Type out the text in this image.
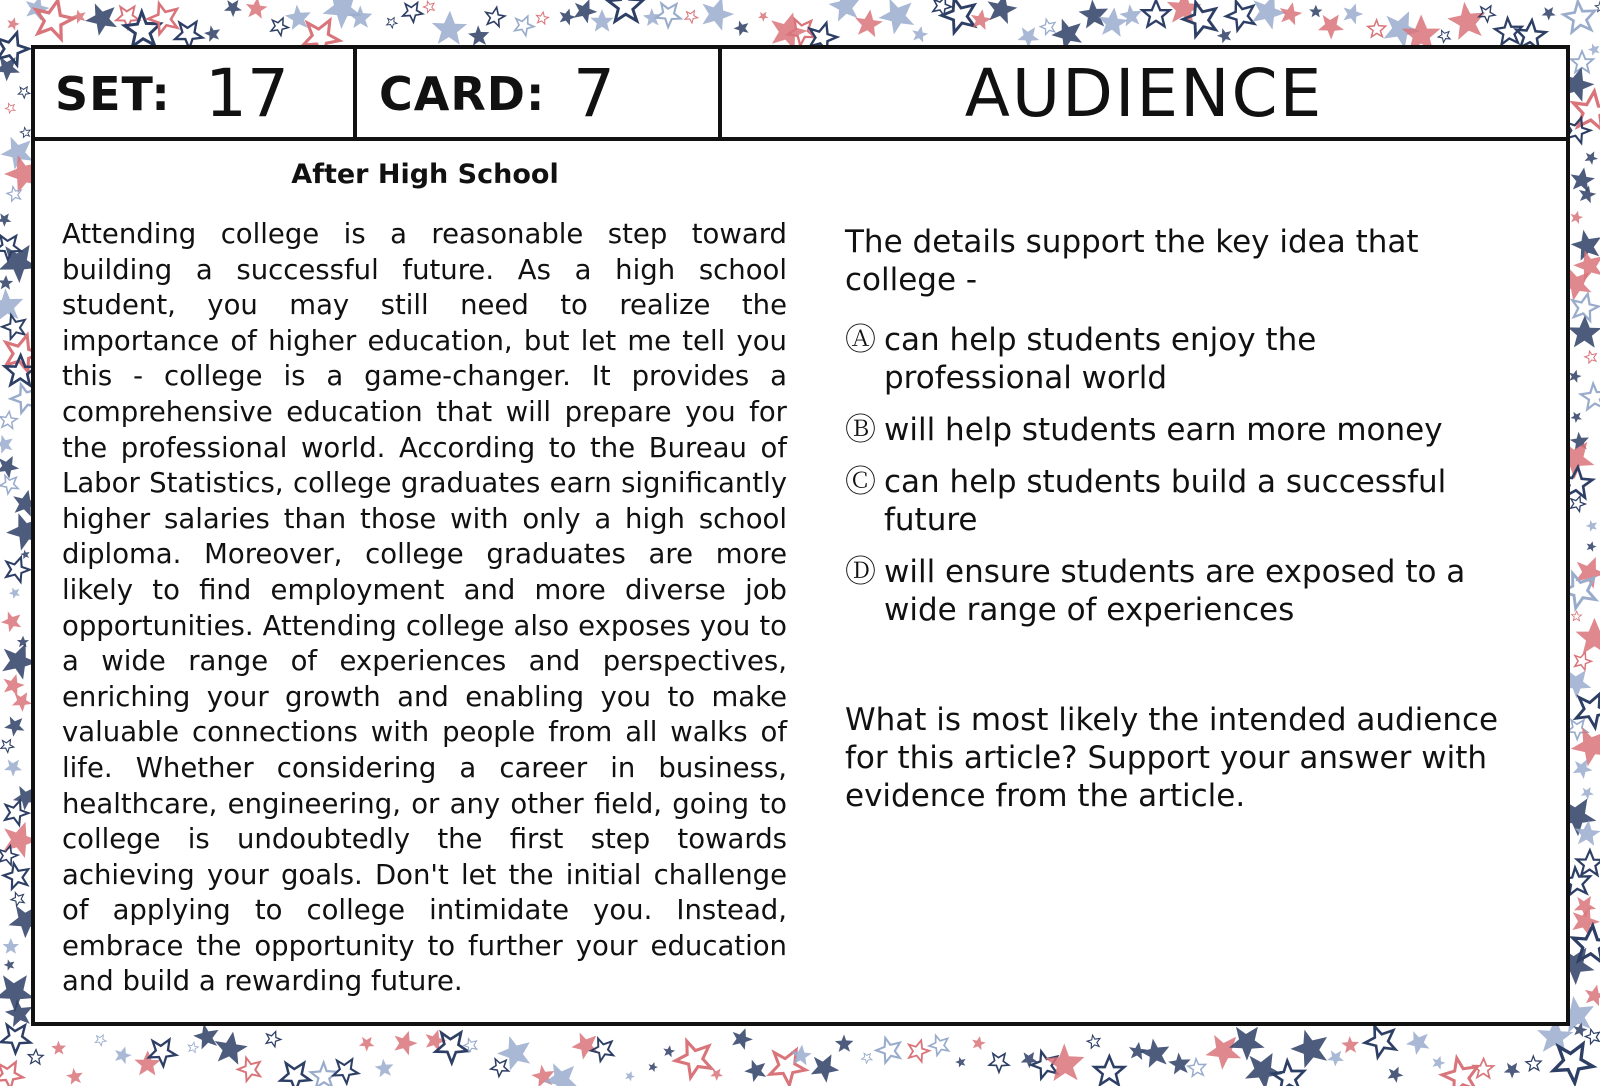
SET: 17 CARD: 7	AUDIENCE
After High School

Attending college is a reasonable step toward building a successful future. As a high school student, you may still need to realize the importance of higher education, but let me tell you this - college is a game-changer. It provides a comprehensive education that will prepare you for the professional world. According to the Bureau of Labor Statistics, college graduates earn significantly higher salaries than those with only a high school diploma. Moreover, college graduates are more likely to find employment and more diverse job opportunities. Attending college also exposes you to a wide range of experiences and perspectives, enriching your growth and enabling you to make valuable connections with people from all walks of life. Whether considering a career in business, healthcare, engineering, or any other field, going to college is undoubtedly the first step towards achieving your goals. Don't let the initial challenge of applying to college intimidate you. Instead, embrace the opportunity to further your education and build a rewarding future.

The details support the key idea that college -

Ⓐ can help students enjoy the professional world
Ⓑ will help students earn more money
Ⓒ can help students build a successful future
Ⓓ will ensure students are exposed to a wide range of experiences
What is most likely the intended audience for this article? Support your answer with evidence from the article.
